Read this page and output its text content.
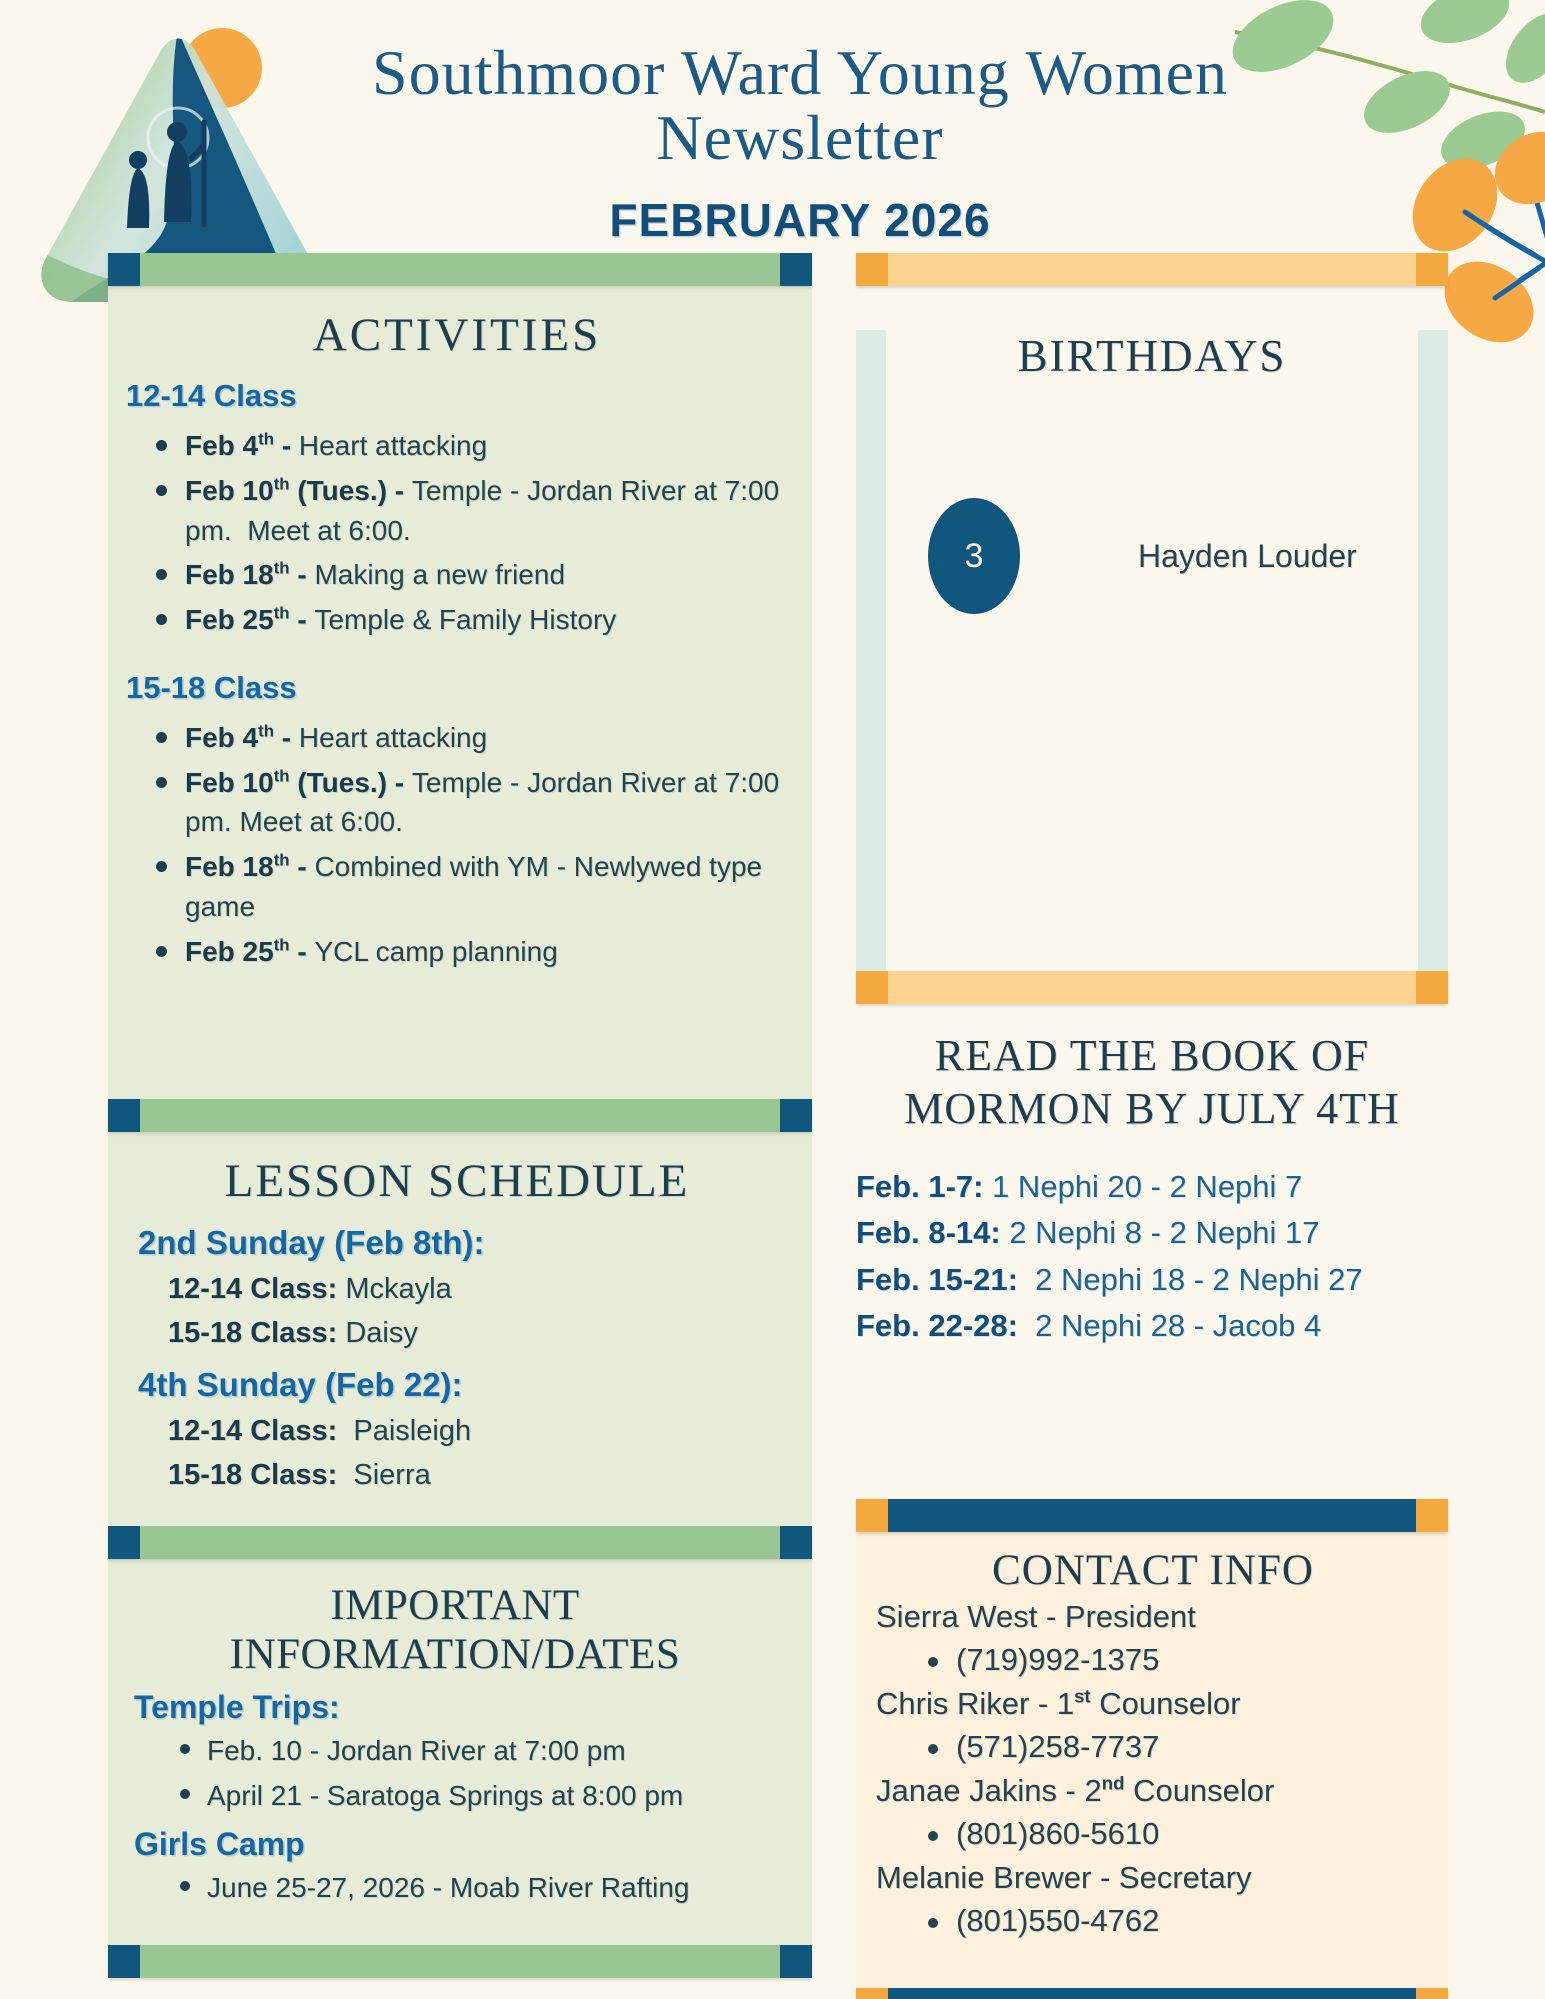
Southmoor Ward Young Women
Newsletter
FEBRUARY 2026
ACTIVITIES
12-14 Class
Feb 4th - Heart attacking
Feb 10th (Tues.) - Temple - Jordan River at 7:00 pm.  Meet at 6:00.
Feb 18th - Making a new friend
Feb 25th - Temple & Family History
15-18 Class
Feb 4th - Heart attacking
Feb 10th (Tues.) - Temple - Jordan River at 7:00 pm. Meet at 6:00.
Feb 18th - Combined with YM - Newlywed type game
Feb 25th - YCL camp planning
LESSON SCHEDULE
2nd Sunday (Feb 8th):
12-14 Class: Mckayla
15-18 Class: Daisy
4th Sunday (Feb 22):
12-14 Class:  Paisleigh
15-18 Class:  Sierra
IMPORTANT INFORMATION/DATES
Temple Trips:
Feb. 10 - Jordan River at 7:00 pm
April 21 - Saratoga Springs at 8:00 pm
Girls Camp
June 25-27, 2026 - Moab River Rafting
BIRTHDAYS
3	Hayden Louder
READ THE BOOK OF
MORMON BY JULY 4TH
Feb. 1-7: 1 Nephi 20 - 2 Nephi 7
Feb. 8-14: 2 Nephi 8 - 2 Nephi 17
Feb. 15-21:  2 Nephi 18 - 2 Nephi 27
Feb. 22-28:  2 Nephi 28 - Jacob 4
CONTACT INFO
Sierra West - President
(719)992-1375
Chris Riker - 1st Counselor
(571)258-7737
Janae Jakins - 2nd Counselor
(801)860-5610
Melanie Brewer - Secretary
(801)550-4762
